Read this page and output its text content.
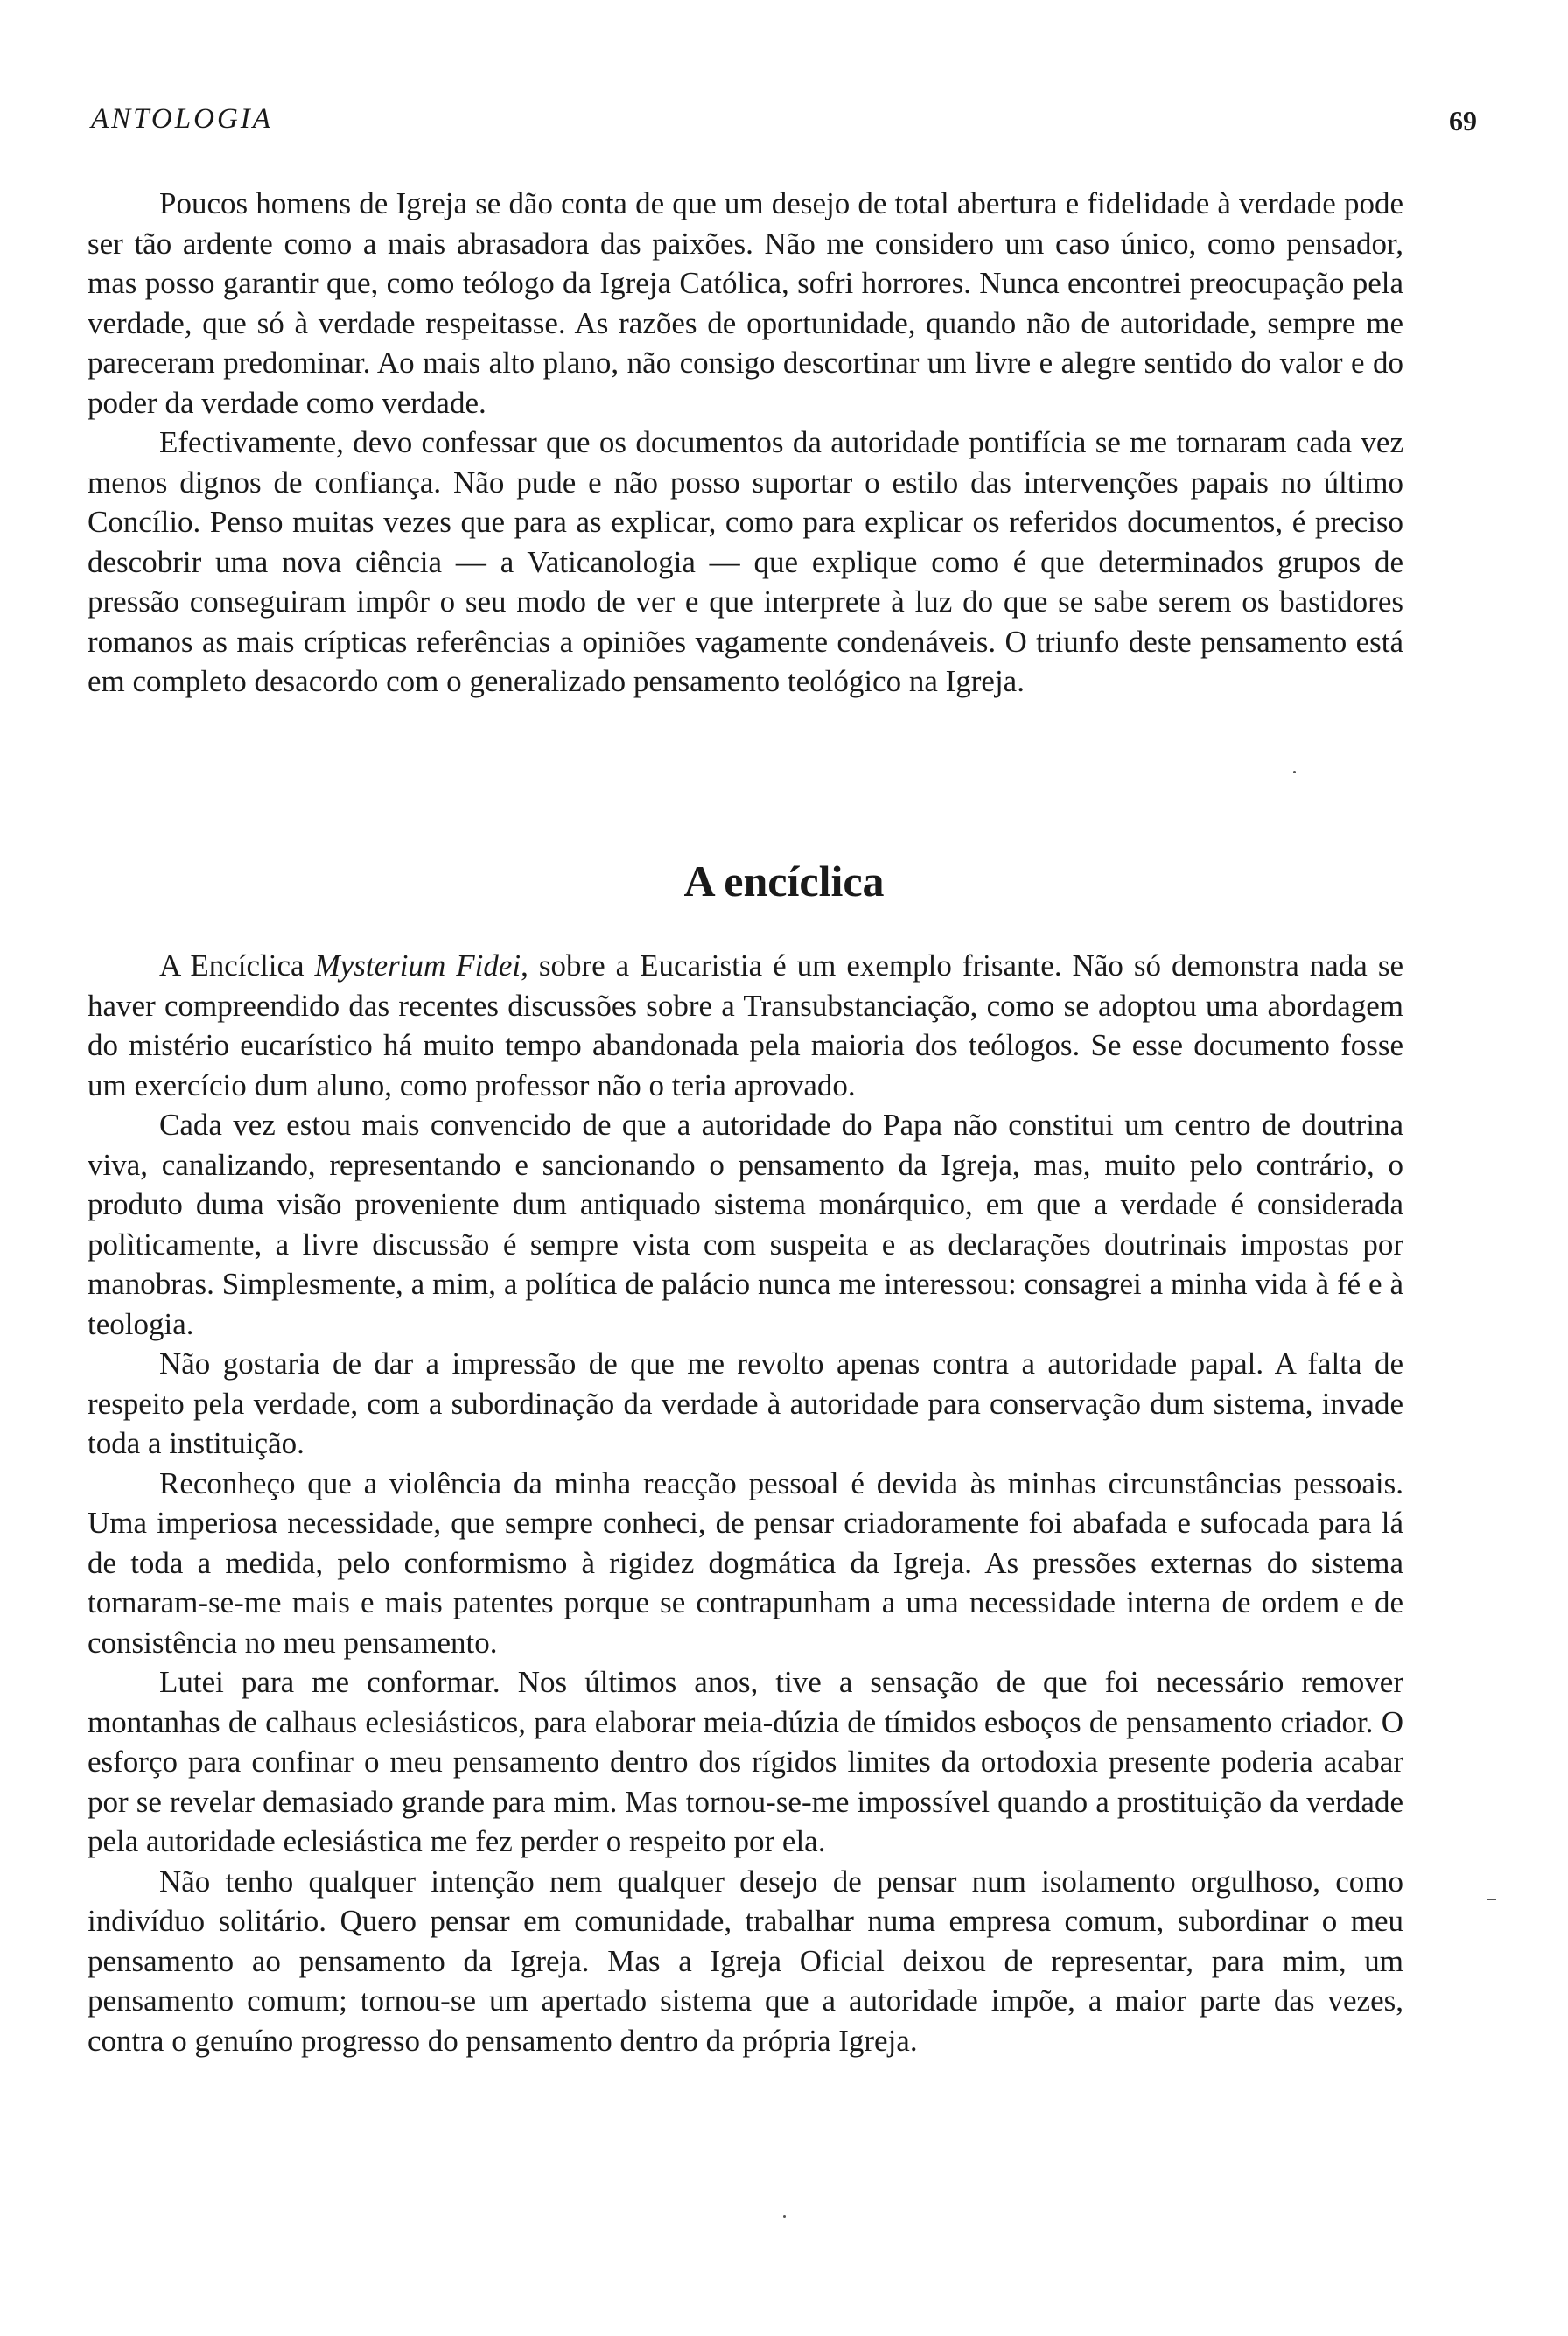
ANTOLOGIA	69

Poucos homens de Igreja se dão conta de que um desejo de total abertura e fidelidade à verdade pode ser tão ardente como a mais abrasadora das paixões. Não me considero um caso único, como pensador, mas posso garantir que, como teólogo da Igreja Católica, sofri horrores. Nunca encontrei preocupação pela verdade, que só à verdade respeitasse. As razões de oportunidade, quando não de autoridade, sempre me pareceram predominar. Ao mais alto plano, não consigo descortinar um livre e alegre sentido do valor e do poder da verdade como verdade.

Efectivamente, devo confessar que os documentos da autoridade pontifícia se me tornaram cada vez menos dignos de confiança. Não pude e não posso suportar o estilo das intervenções papais no último Concílio. Penso muitas vezes que para as explicar, como para explicar os referidos documentos, é preciso descobrir uma nova ciência — a Vaticanologia — que explique como é que determinados grupos de pressão conseguiram impôr o seu modo de ver e que interprete à luz do que se sabe serem os bastidores romanos as mais crípticas referências a opiniões vagamente condenáveis. O triunfo deste pensamento está em completo desacordo com o generalizado pensamento teológico na Igreja.

A encíclica

A Encíclica Mysterium Fidei, sobre a Eucaristia é um exemplo frisante. Não só demonstra nada se haver compreendido das recentes discussões sobre a Transubstanciação, como se adoptou uma abordagem do mistério eucarístico há muito tempo abandonada pela maioria dos teólogos. Se esse documento fosse um exercício dum aluno, como professor não o teria aprovado.

Cada vez estou mais convencido de que a autoridade do Papa não constitui um centro de doutrina viva, canalizando, representando e sancionando o pensamento da Igreja, mas, muito pelo contrário, o produto duma visão proveniente dum antiquado sistema monárquico, em que a verdade é considerada polìticamente, a livre discussão é sempre vista com suspeita e as declarações doutrinais impostas por manobras. Simplesmente, a mim, a política de palácio nunca me interessou: consagrei a minha vida à fé e à teologia.

Não gostaria de dar a impressão de que me revolto apenas contra a autoridade papal. A falta de respeito pela verdade, com a subordinação da verdade à autoridade para conservação dum sistema, invade toda a instituição.

Reconheço que a violência da minha reacção pessoal é devida às minhas circunstâncias pessoais. Uma imperiosa necessidade, que sempre conheci, de pensar criadoramente foi abafada e sufocada para lá de toda a medida, pelo conformismo à rigidez dogmática da Igreja. As pressões externas do sistema tornaram-se-me mais e mais patentes porque se contrapunham a uma necessidade interna de ordem e de consistência no meu pensamento.

Lutei para me conformar. Nos últimos anos, tive a sensação de que foi necessário remover montanhas de calhaus eclesiásticos, para elaborar meia-dúzia de tímidos esboços de pensamento criador. O esforço para confinar o meu pensamento dentro dos rígidos limites da ortodoxia presente poderia acabar por se revelar demasiado grande para mim. Mas tornou-se-me impossível quando a prostituição da verdade pela autoridade eclesiástica me fez perder o respeito por ela.

Não tenho qualquer intenção nem qualquer desejo de pensar num isolamento orgulhoso, como indivíduo solitário. Quero pensar em comunidade, trabalhar numa empresa comum, subordinar o meu pensamento ao pensamento da Igreja. Mas a Igreja Oficial deixou de representar, para mim, um pensamento comum; tornou-se um apertado sistema que a autoridade impõe, a maior parte das vezes, contra o genuíno progresso do pensamento dentro da própria Igreja.
